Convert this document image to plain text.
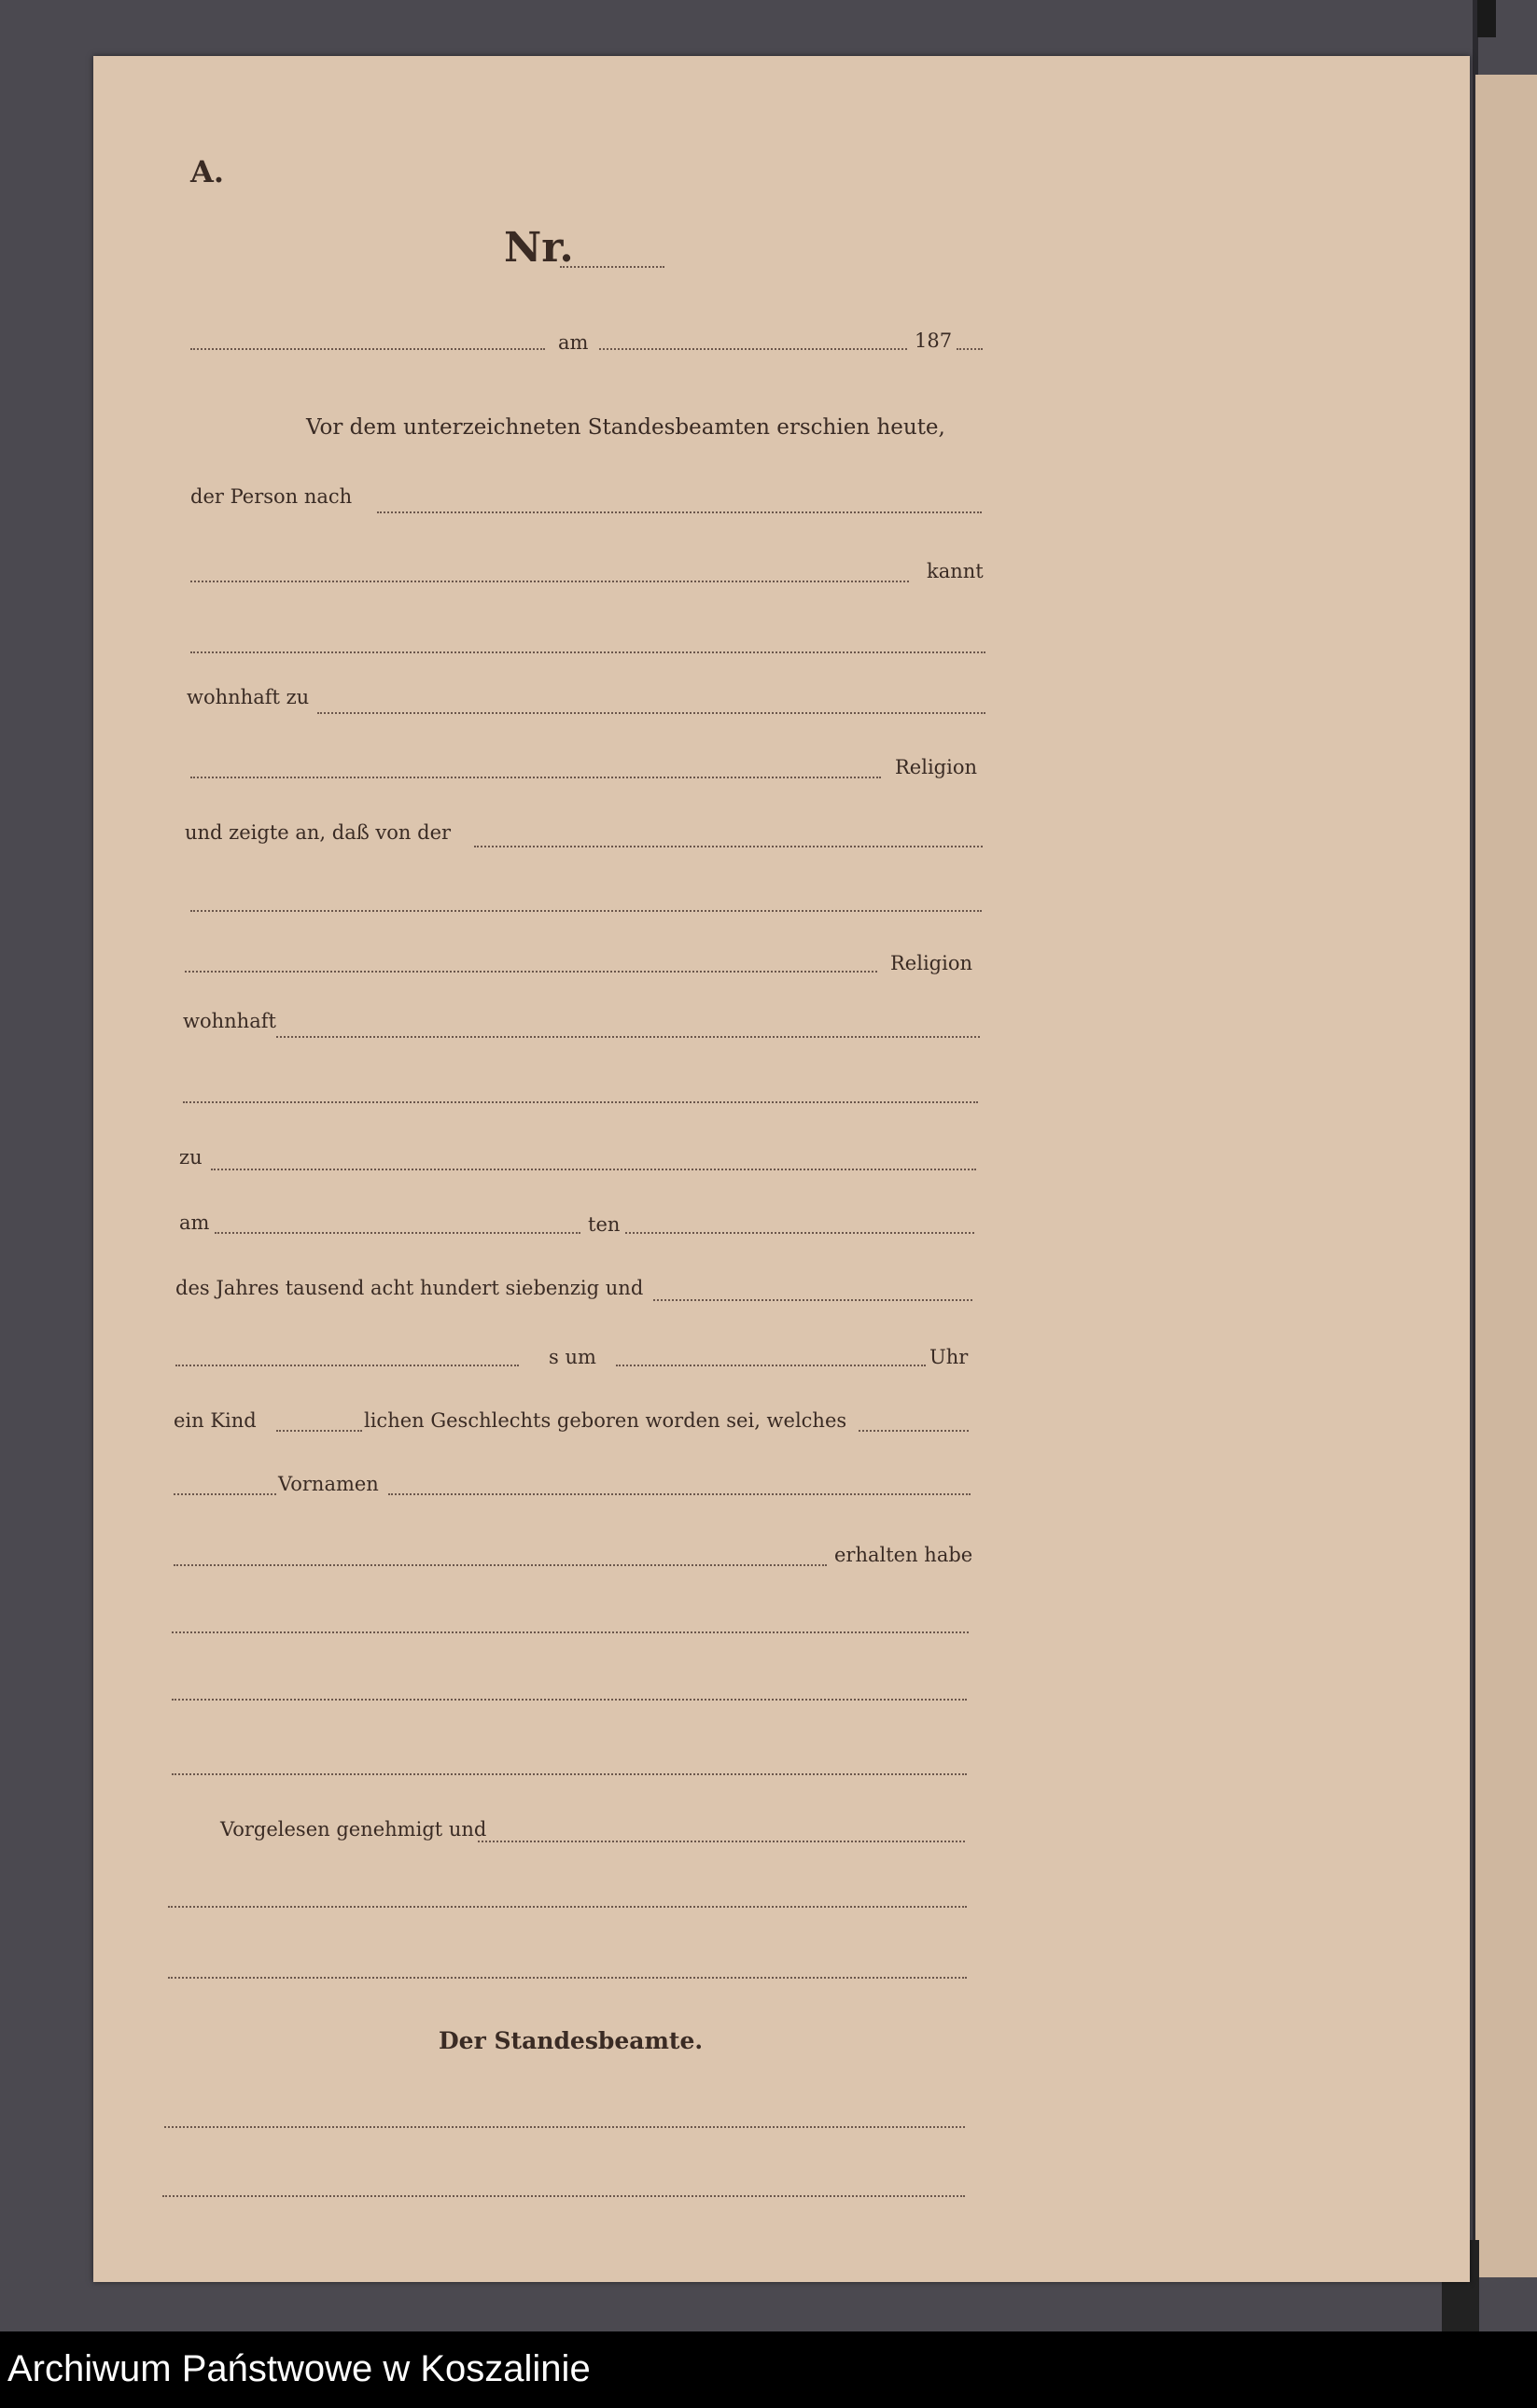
A.
Nr.
am	187
Vor dem unterzeichneten Standesbeamten erschien heute,
der Person nach
kannt
wohnhaft zu
Religion
und zeigte an, daß von der
Religion
wohnhaft
zu
am	ten
des Jahres tausend acht hundert siebenzig und
s um	Uhr
ein Kind	lichen Geschlechts geboren worden sei, welches
Vornamen
erhalten habe
Vorgelesen genehmigt und
Der Standesbeamte.
Archiwum Państwowe w Koszalinie
